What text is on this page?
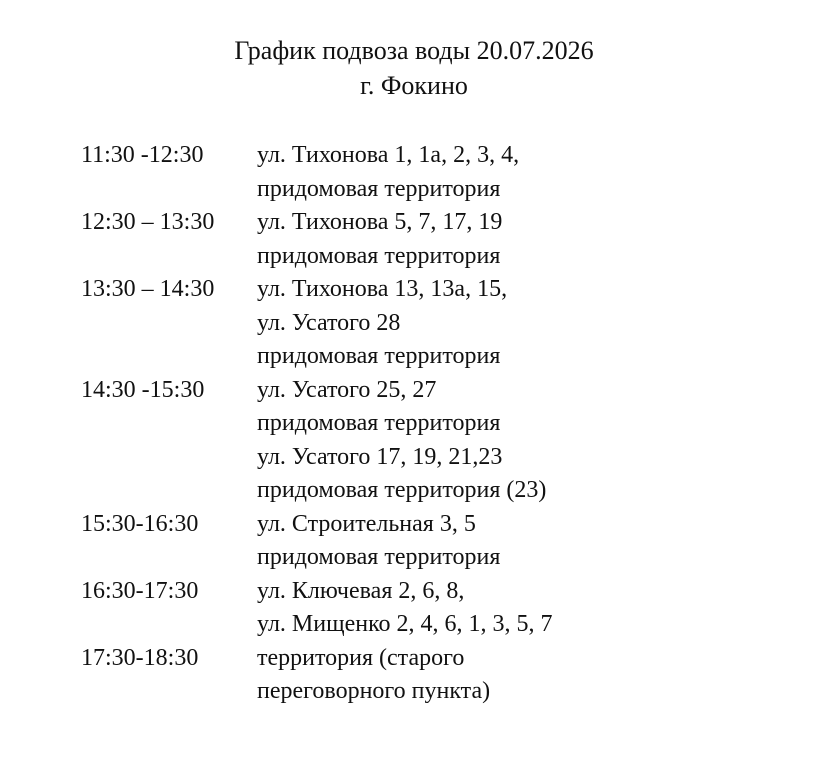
График подвоза воды 20.07.2026
г. Фокино
11:30 -12:30	ул. Тихонова 1, 1а, 2, 3, 4,
придомовая территория
12:30 – 13:30	ул. Тихонова 5, 7, 17, 19
придомовая территория
13:30 – 14:30	ул. Тихонова 13, 13а, 15,
ул. Усатого 28
придомовая территория
14:30 -15:30	ул. Усатого 25, 27
придомовая территория
ул. Усатого 17, 19, 21,23
придомовая территория (23)
15:30-16:30	ул. Строительная 3, 5
придомовая территория
16:30-17:30	ул. Ключевая 2, 6, 8,
ул. Мищенко 2, 4, 6, 1, 3, 5, 7
17:30-18:30	территория (старого
переговорного пункта)
